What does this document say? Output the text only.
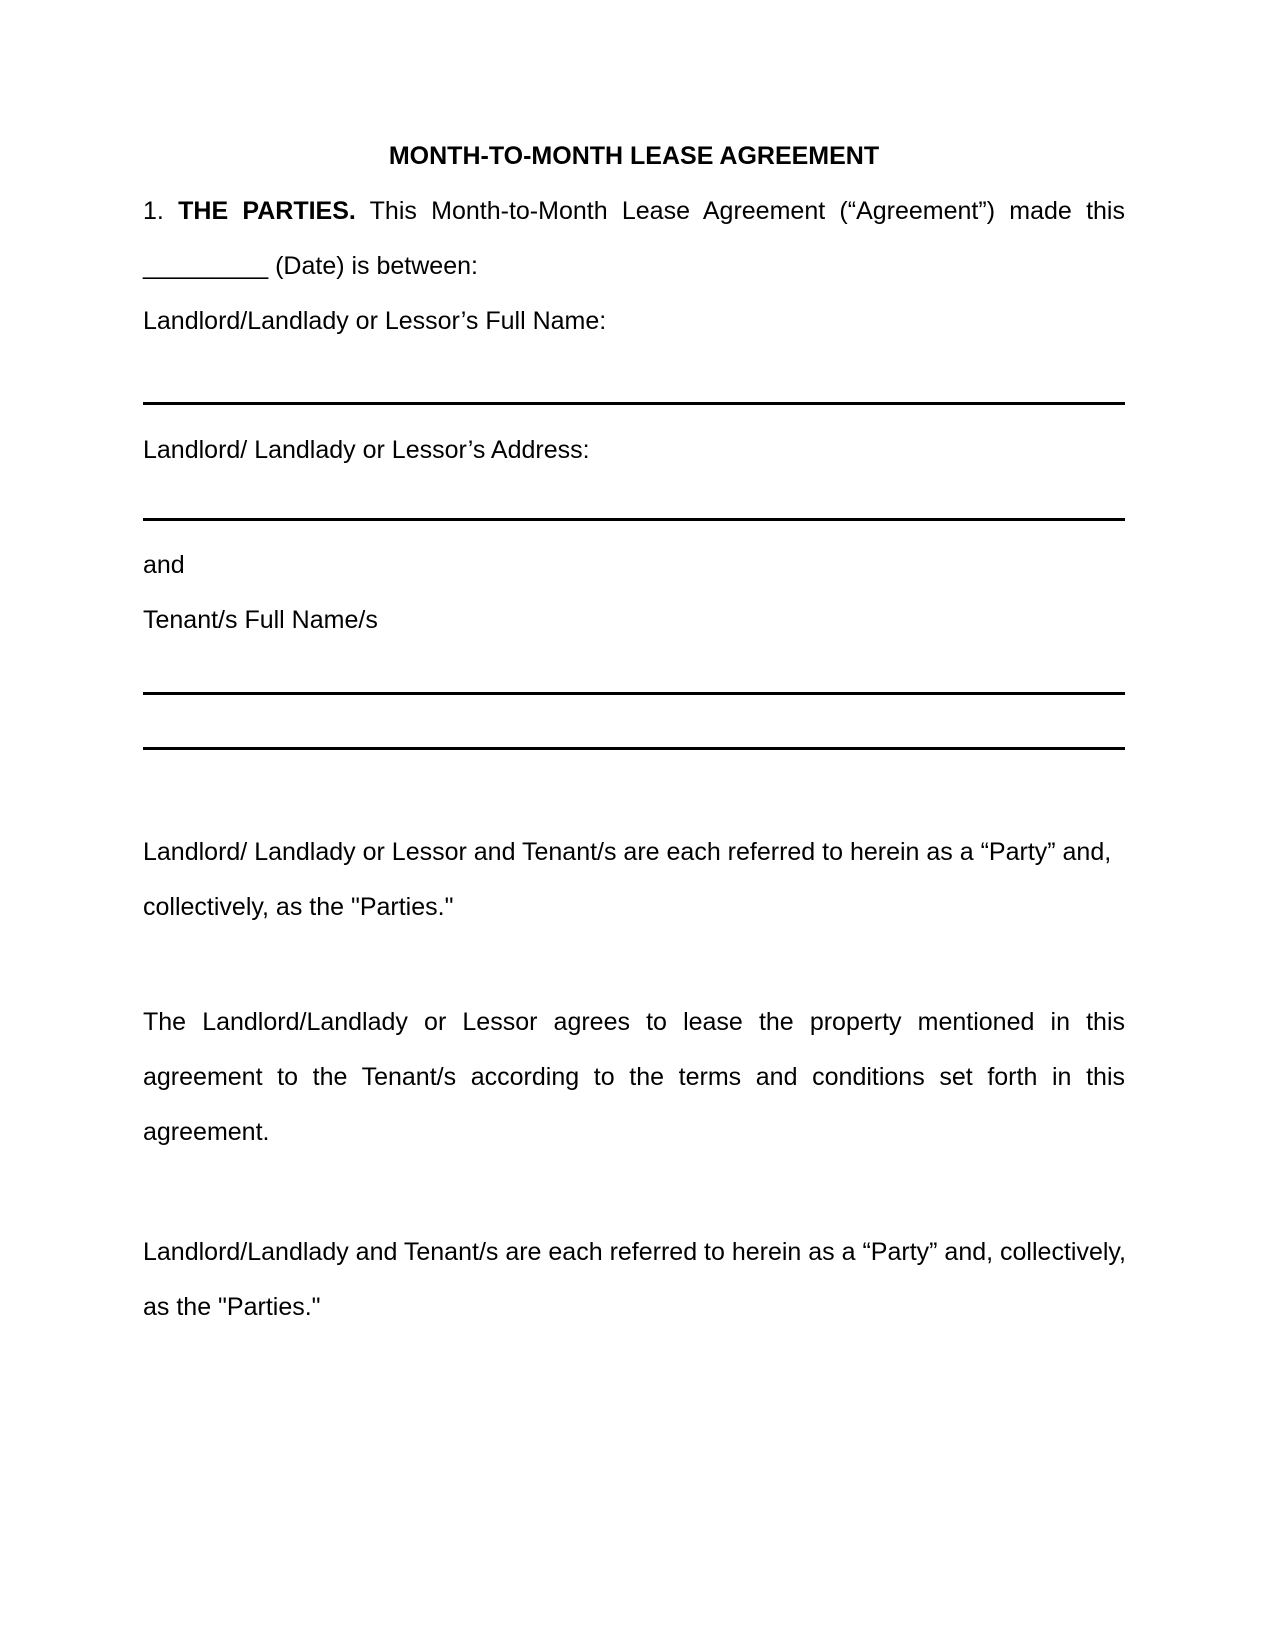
MONTH-TO-MONTH LEASE AGREEMENT
1. THE PARTIES. This Month-to-Month Lease Agreement (“Agreement”) made this
_________ (Date) is between:
Landlord/Landlady or Lessor’s Full Name:
Landlord/ Landlady or Lessor’s Address:
and
Tenant/s Full Name/s
Landlord/ Landlady or Lessor and Tenant/s are each referred to herein as a “Party” and,
collectively, as the "Parties."
The Landlord/Landlady or Lessor agrees to lease the property mentioned in this
agreement to the Tenant/s according to the terms and conditions set forth in this
agreement.
Landlord/Landlady and Tenant/s are each referred to herein as a “Party” and, collectively,
as the "Parties."
